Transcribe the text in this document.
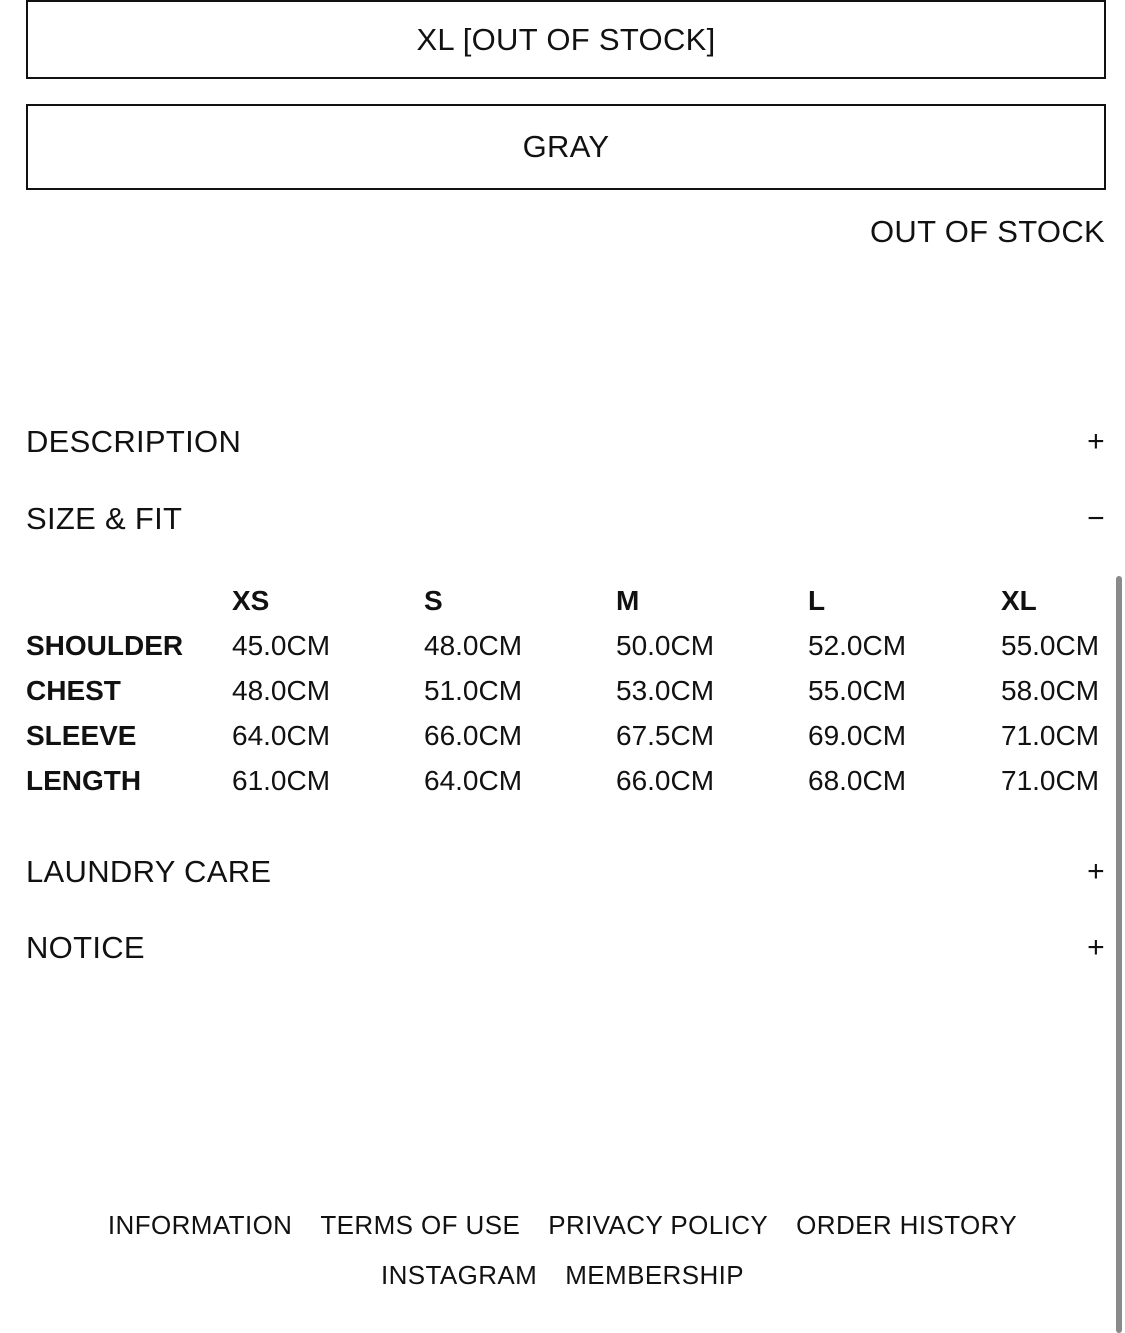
XL [OUT OF STOCK]
GRAY
OUT OF STOCK
DESCRIPTION	+
SIZE & FIT	−
	XS	S	M	L	XL
SHOULDER	45.0CM	48.0CM	50.0CM	52.0CM	55.0CM
CHEST	48.0CM	51.0CM	53.0CM	55.0CM	58.0CM
SLEEVE	64.0CM	66.0CM	67.5CM	69.0CM	71.0CM
LENGTH	61.0CM	64.0CM	66.0CM	68.0CM	71.0CM
LAUNDRY CARE	+
NOTICE	+
INFORMATION TERMS OF USE PRIVACY POLICY ORDER HISTORY
INSTAGRAM MEMBERSHIP
